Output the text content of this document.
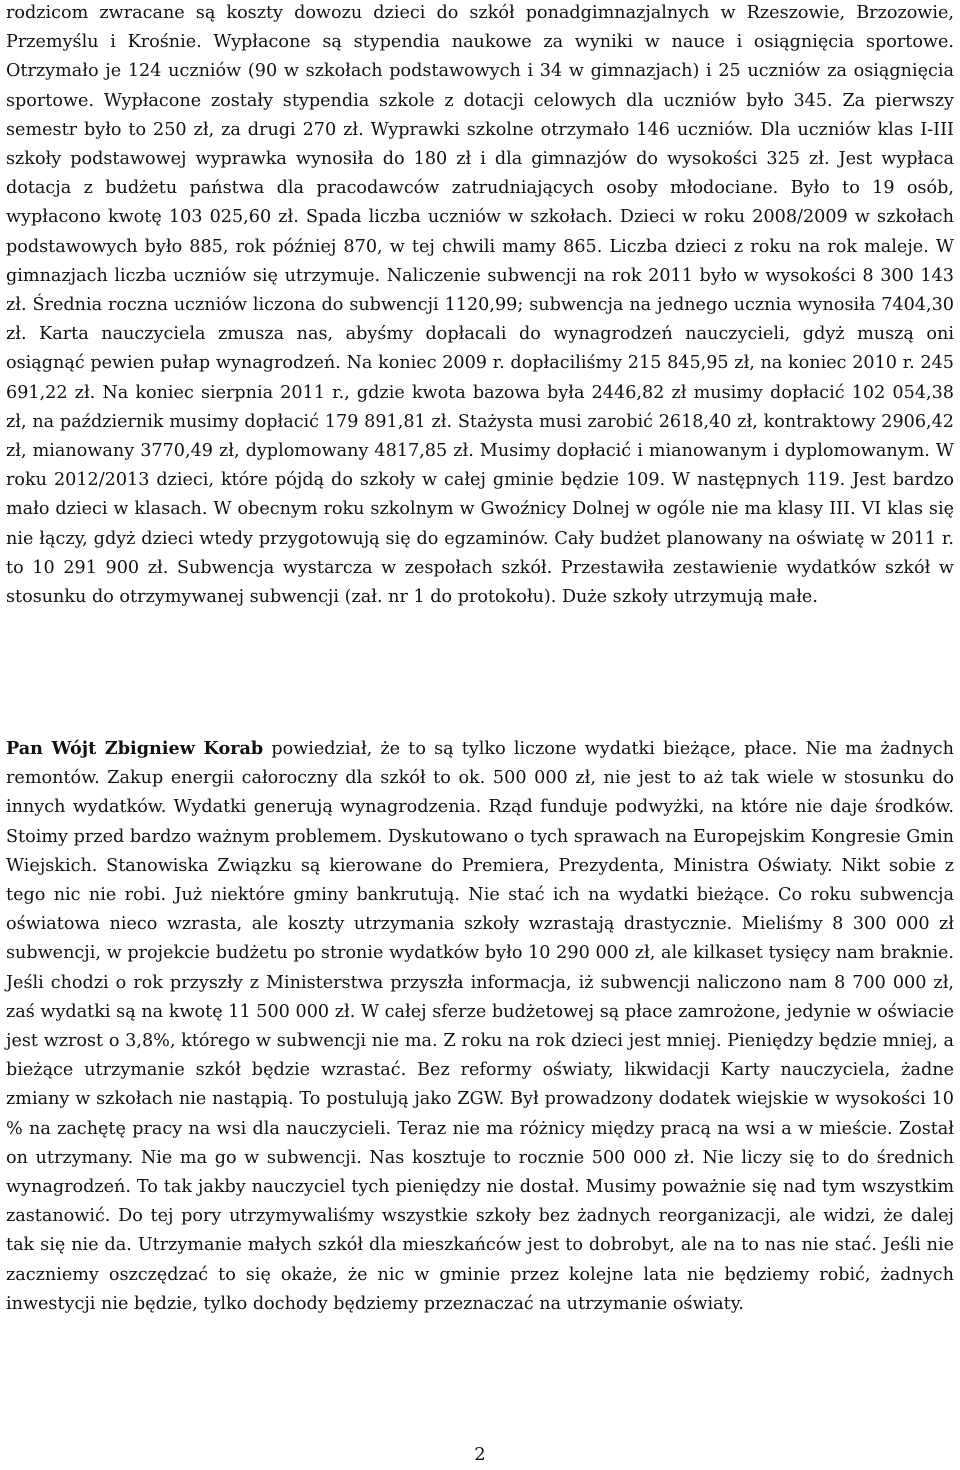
rodzicom zwracane są koszty dowozu dzieci do szkół ponadgimnazjalnych w Rzeszowie, Brzozowie, Przemyślu i Krośnie. Wypłacone są stypendia naukowe za wyniki w nauce i osiągnięcia sportowe. Otrzymało je 124 uczniów (90 w szkołach podstawowych i 34 w gimnazjach) i 25 uczniów za osiągnięcia sportowe. Wypłacone zostały stypendia szkole z dotacji celowych dla uczniów było 345. Za pierwszy semestr było to 250 zł, za drugi 270 zł. Wyprawki szkolne otrzymało 146 uczniów. Dla uczniów klas I-III szkoły podstawowej wyprawka wynosiła do 180 zł i dla gimnazjów do wysokości 325 zł. Jest wypłaca dotacja z budżetu państwa dla pracodawców zatrudniających osoby młodociane. Było to 19 osób, wypłacono kwotę 103 025,60 zł. Spada liczba uczniów w szkołach. Dzieci w roku 2008/2009 w szkołach podstawowych było 885, rok później 870, w tej chwili mamy 865. Liczba dzieci z roku na rok maleje. W gimnazjach liczba uczniów się utrzymuje. Naliczenie subwencji na rok 2011 było w wysokości 8 300 143 zł. Średnia roczna uczniów liczona do subwencji 1120,99; subwencja na jednego ucznia wynosiła 7404,30 zł. Karta nauczyciela zmusza nas, abyśmy dopłacali do wynagrodzeń nauczycieli, gdyż muszą oni osiągnąć pewien pułap wynagrodzeń. Na koniec 2009 r. dopłaciliśmy 215 845,95 zł, na koniec 2010 r. 245 691,22 zł. Na koniec sierpnia 2011 r., gdzie kwota bazowa była 2446,82 zł musimy dopłacić 102 054,38 zł, na październik musimy dopłacić 179 891,81 zł. Stażysta musi zarobić 2618,40 zł, kontraktowy 2906,42 zł, mianowany 3770,49 zł, dyplomowany 4817,85 zł. Musimy dopłacić i mianowanym i dyplomowanym. W roku 2012/2013 dzieci, które pójdą do szkoły w całej gminie będzie 109. W następnych 119. Jest bardzo mało dzieci w klasach. W obecnym roku szkolnym w Gwoźnicy Dolnej w ogóle nie ma klasy III. VI klas się nie łączy, gdyż dzieci wtedy przygotowują się do egzaminów. Cały budżet planowany na oświatę w 2011 r. to 10 291 900 zł. Subwencja wystarcza w zespołach szkół. Przestawiła zestawienie wydatków szkół w stosunku do otrzymywanej subwencji (zał. nr 1 do protokołu). Duże szkoły utrzymują małe.

Pan Wójt Zbigniew Korab powiedział, że to są tylko liczone wydatki bieżące, płace. Nie ma żadnych remontów. Zakup energii całoroczny dla szkół to ok. 500 000 zł, nie jest to aż tak wiele w stosunku do innych wydatków. Wydatki generują wynagrodzenia. Rząd funduje podwyżki, na które nie daje środków. Stoimy przed bardzo ważnym problemem. Dyskutowano o tych sprawach na Europejskim Kongresie Gmin Wiejskich. Stanowiska Związku są kierowane do Premiera, Prezydenta, Ministra Oświaty. Nikt sobie z tego nic nie robi. Już niektóre gminy bankrutują. Nie stać ich na wydatki bieżące. Co roku subwencja oświatowa nieco wzrasta, ale koszty utrzymania szkoły wzrastają drastycznie. Mieliśmy 8 300 000 zł subwencji, w projekcie budżetu po stronie wydatków było 10 290 000 zł, ale kilkaset tysięcy nam braknie. Jeśli chodzi o rok przyszły z Ministerstwa przyszła informacja, iż subwencji naliczono nam 8 700 000 zł, zaś wydatki są na kwotę 11 500 000 zł. W całej sferze budżetowej są płace zamrożone, jedynie w oświacie jest wzrost o 3,8%, którego w subwencji nie ma. Z roku na rok dzieci jest mniej. Pieniędzy będzie mniej, a bieżące utrzymanie szkół będzie wzrastać. Bez reformy oświaty, likwidacji Karty nauczyciela, żadne zmiany w szkołach nie nastąpią. To postulują jako ZGW. Był prowadzony dodatek wiejskie w wysokości 10 % na zachętę pracy na wsi dla nauczycieli. Teraz nie ma różnicy między pracą na wsi a w mieście. Został on utrzymany. Nie ma go w subwencji. Nas kosztuje to rocznie 500 000 zł. Nie liczy się to do średnich wynagrodzeń. To tak jakby nauczyciel tych pieniędzy nie dostał. Musimy poważnie się nad tym wszystkim zastanowić. Do tej pory utrzymywaliśmy wszystkie szkoły bez żadnych reorganizacji, ale widzi, że dalej tak się nie da. Utrzymanie małych szkół dla mieszkańców jest to dobrobyt, ale na to nas nie stać. Jeśli nie zaczniemy oszczędzać to się okaże, że nic w gminie przez kolejne lata nie będziemy robić, żadnych inwestycji nie będzie, tylko dochody będziemy przeznaczać na utrzymanie oświaty.

2
